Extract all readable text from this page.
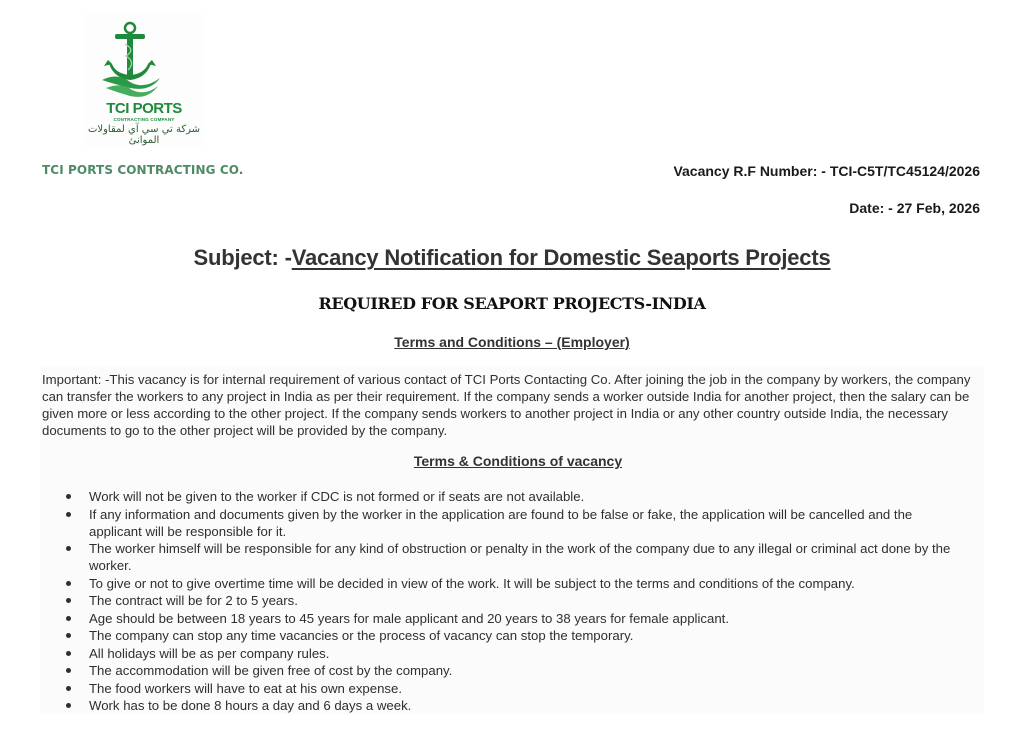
TCI PORTS
CONTRACTING COMPANY
شركة تي سي آي لمقاولات الموانئ
TCI PORTS CONTRACTING CO.	Vacancy R.F Number: - TCI-C5T/TC45124/2026
Date: - 27 Feb, 2026
Subject: -Vacancy Notification for Domestic Seaports Projects
REQUIRED FOR SEAPORT PROJECTS-INDIA
Terms and Conditions – (Employer)

Important: -This vacancy is for internal requirement of various contact of TCI Ports Contacting Co. After joining the job in the company by workers, the company can transfer the workers to any project in India as per their requirement. If the company sends a worker outside India for another project, then the salary can be given more or less according to the other project. If the company sends workers to another project in India or any other country outside India, the necessary documents to go to the other project will be provided by the company.

Terms & Conditions of vacancy
Work will not be given to the worker if CDC is not formed or if seats are not available.
If any information and documents given by the worker in the application are found to be false or fake, the application will be cancelled and the applicant will be responsible for it.
The worker himself will be responsible for any kind of obstruction or penalty in the work of the company due to any illegal or criminal act done by the worker.
To give or not to give overtime time will be decided in view of the work. It will be subject to the terms and conditions of the company.
The contract will be for 2 to 5 years.
Age should be between 18 years to 45 years for male applicant and 20 years to 38 years for female applicant.
The company can stop any time vacancies or the process of vacancy can stop the temporary.
All holidays will be as per company rules.
The accommodation will be given free of cost by the company.
The food workers will have to eat at his own expense.
Work has to be done 8 hours a day and 6 days a week.
